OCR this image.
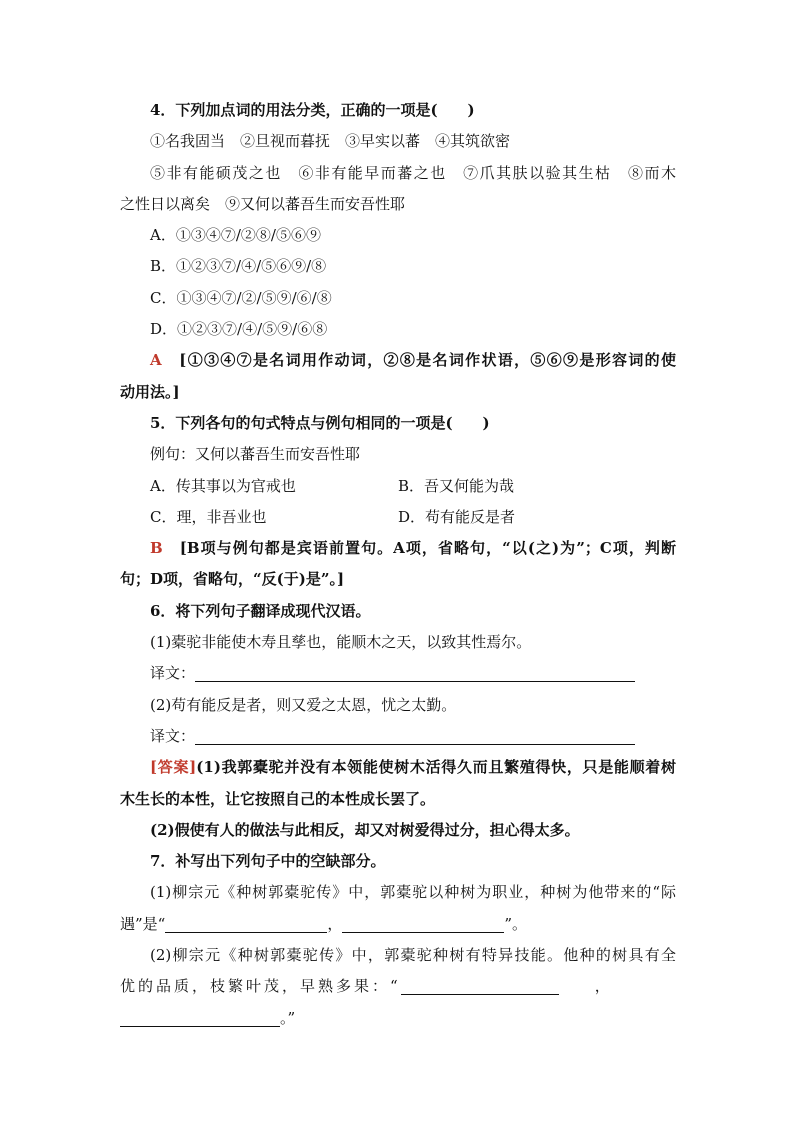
4．下列加点词的用法分类，正确的一项是(　　)
①名我固当　②旦视而暮抚　③早实以蕃　④其筑欲密
⑤非有能硕茂之也　⑥非有能早而蕃之也　⑦爪其肤以验其生枯　⑧而木
之性日以离矣　⑨又何以蕃吾生而安吾性耶
A．①③④⑦/②⑧/⑤⑥⑨
B．①②③⑦/④/⑤⑥⑨/⑧
C．①③④⑦/②/⑤⑨/⑥/⑧
D．①②③⑦/④/⑤⑨/⑥⑧
A　 [①③④⑦是名词用作动词，②⑧是名词作状语，⑤⑥⑨是形容词的使
动用法。]
5．下列各句的句式特点与例句相同的一项是(　　)
例句：又何以蕃吾生而安吾性耶
A．传其事以为官戒也	B．吾又何能为哉
C．理，非吾业也	D．苟有能反是者
B　 [B项与例句都是宾语前置句。A项，省略句，“以(之)为”；C项，判断
句；D项，省略句，“反(于)是”。]
6．将下列句子翻译成现代汉语。
(1)橐驼非能使木寿且孳也，能顺木之天，以致其性焉尔。
译文：
(2)苟有能反是者，则又爱之太恩，忧之太勤。
译文：
[答案](1)我郭橐驼并没有本领能使树木活得久而且繁殖得快，只是能顺着树
木生长的本性，让它按照自己的本性成长罢了。
(2)假使有人的做法与此相反，却又对树爱得过分，担心得太多。
7．补写出下列句子中的空缺部分。
(1)柳宗元《种树郭橐驼传》中，郭橐驼以种树为职业，种树为他带来的“际
遇”是“	，	”。
(2)柳宗元《种树郭橐驼传》中，郭橐驼种树有特异技能。他种的树具有全
优的品质，枝繁叶茂，早熟多果：“　　	，
。”
